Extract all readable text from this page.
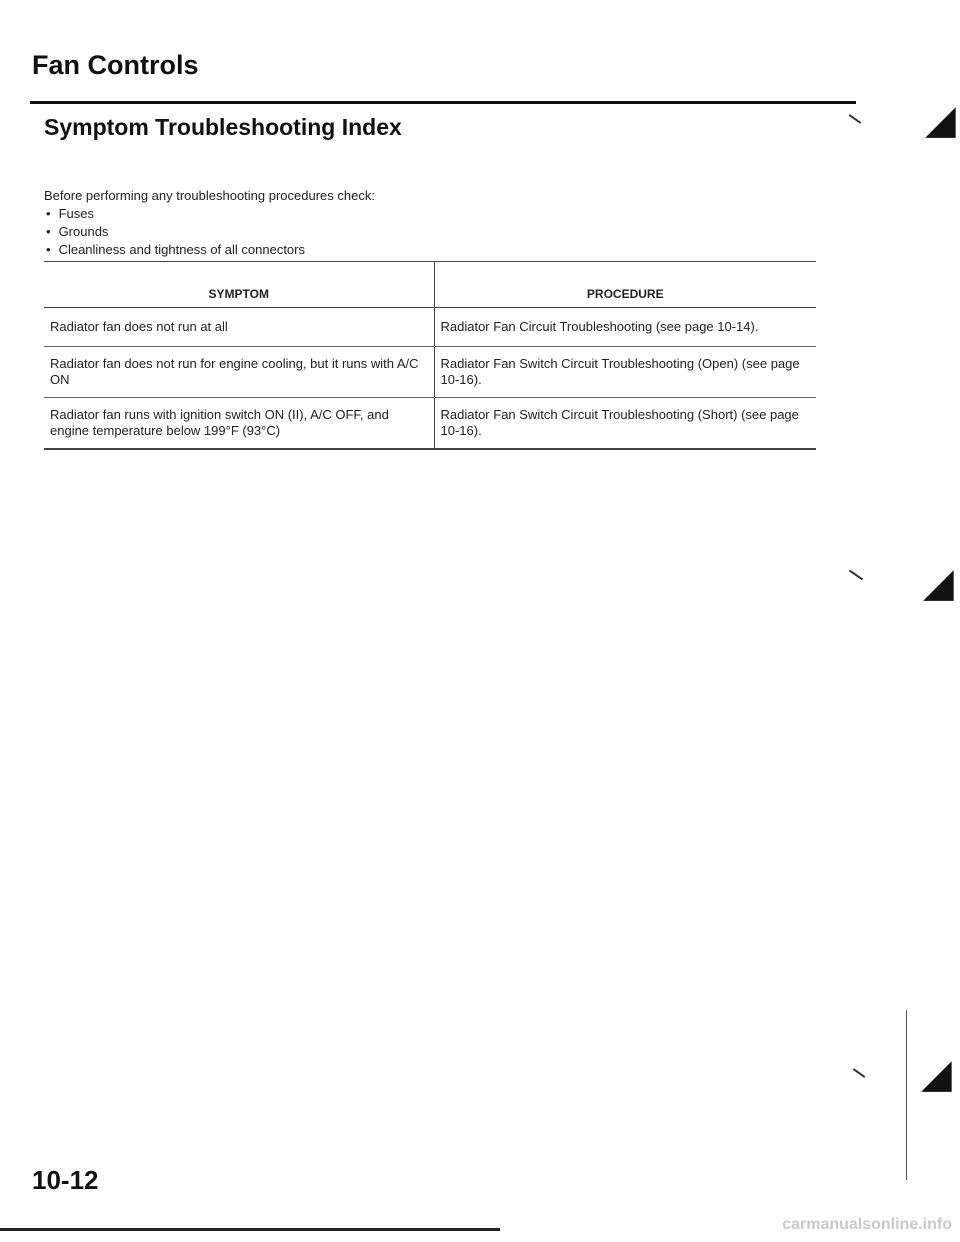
Fan Controls
Symptom Troubleshooting Index	◢
Before performing any troubleshooting procedures check:
• Fuses
• Grounds
• Cleanliness and tightness of all connectors
SYMPTOM	PROCEDURE
Radiator fan does not run at all	Radiator Fan Circuit Troubleshooting (see page 10-14).
Radiator fan does not run for engine cooling, but it runs with A/C ON	Radiator Fan Switch Circuit Troubleshooting (Open) (see page 10-16).
Radiator fan runs with ignition switch ON (II), A/C OFF, and engine temperature below 199°F (93°C)	Radiator Fan Switch Circuit Troubleshooting (Short) (see page 10-16).
◢
◢
10-12
carmanualsonline.info
